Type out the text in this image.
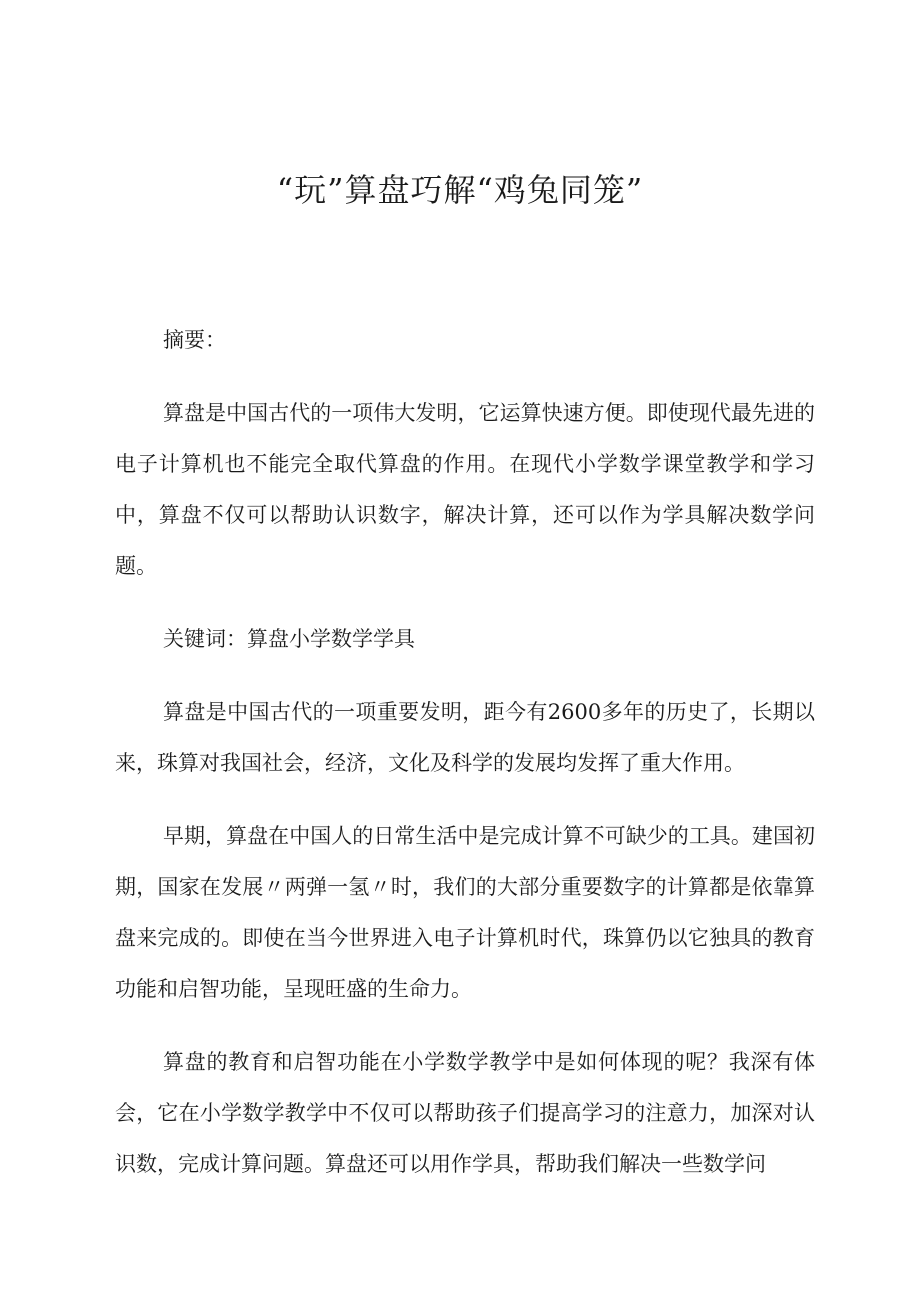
“玩”算盘巧解“鸡兔同笼”

摘要：

算盘是中国古代的一项伟大发明，它运算快速方便。即使现代最先进的电子计算机也不能完全取代算盘的作用。在现代小学数学课堂教学和学习中，算盘不仅可以帮助认识数字，解决计算，还可以作为学具解决数学问题。

关键词：算盘小学数学学具

算盘是中国古代的一项重要发明，距今有2600多年的历史了，长期以来，珠算对我国社会，经济，文化及科学的发展均发挥了重大作用。

早期，算盘在中国人的日常生活中是完成计算不可缺少的工具。建国初期，国家在发展〃两弹一氢〃时，我们的大部分重要数字的计算都是依靠算盘来完成的。即使在当今世界进入电子计算机时代，珠算仍以它独具的教育功能和启智功能，呈现旺盛的生命力。

算盘的教育和启智功能在小学数学教学中是如何体现的呢？我深有体会，它在小学数学教学中不仅可以帮助孩子们提高学习的注意力，加深对认识数，完成计算问题。算盘还可以用作学具，帮助我们解决一些数学问
